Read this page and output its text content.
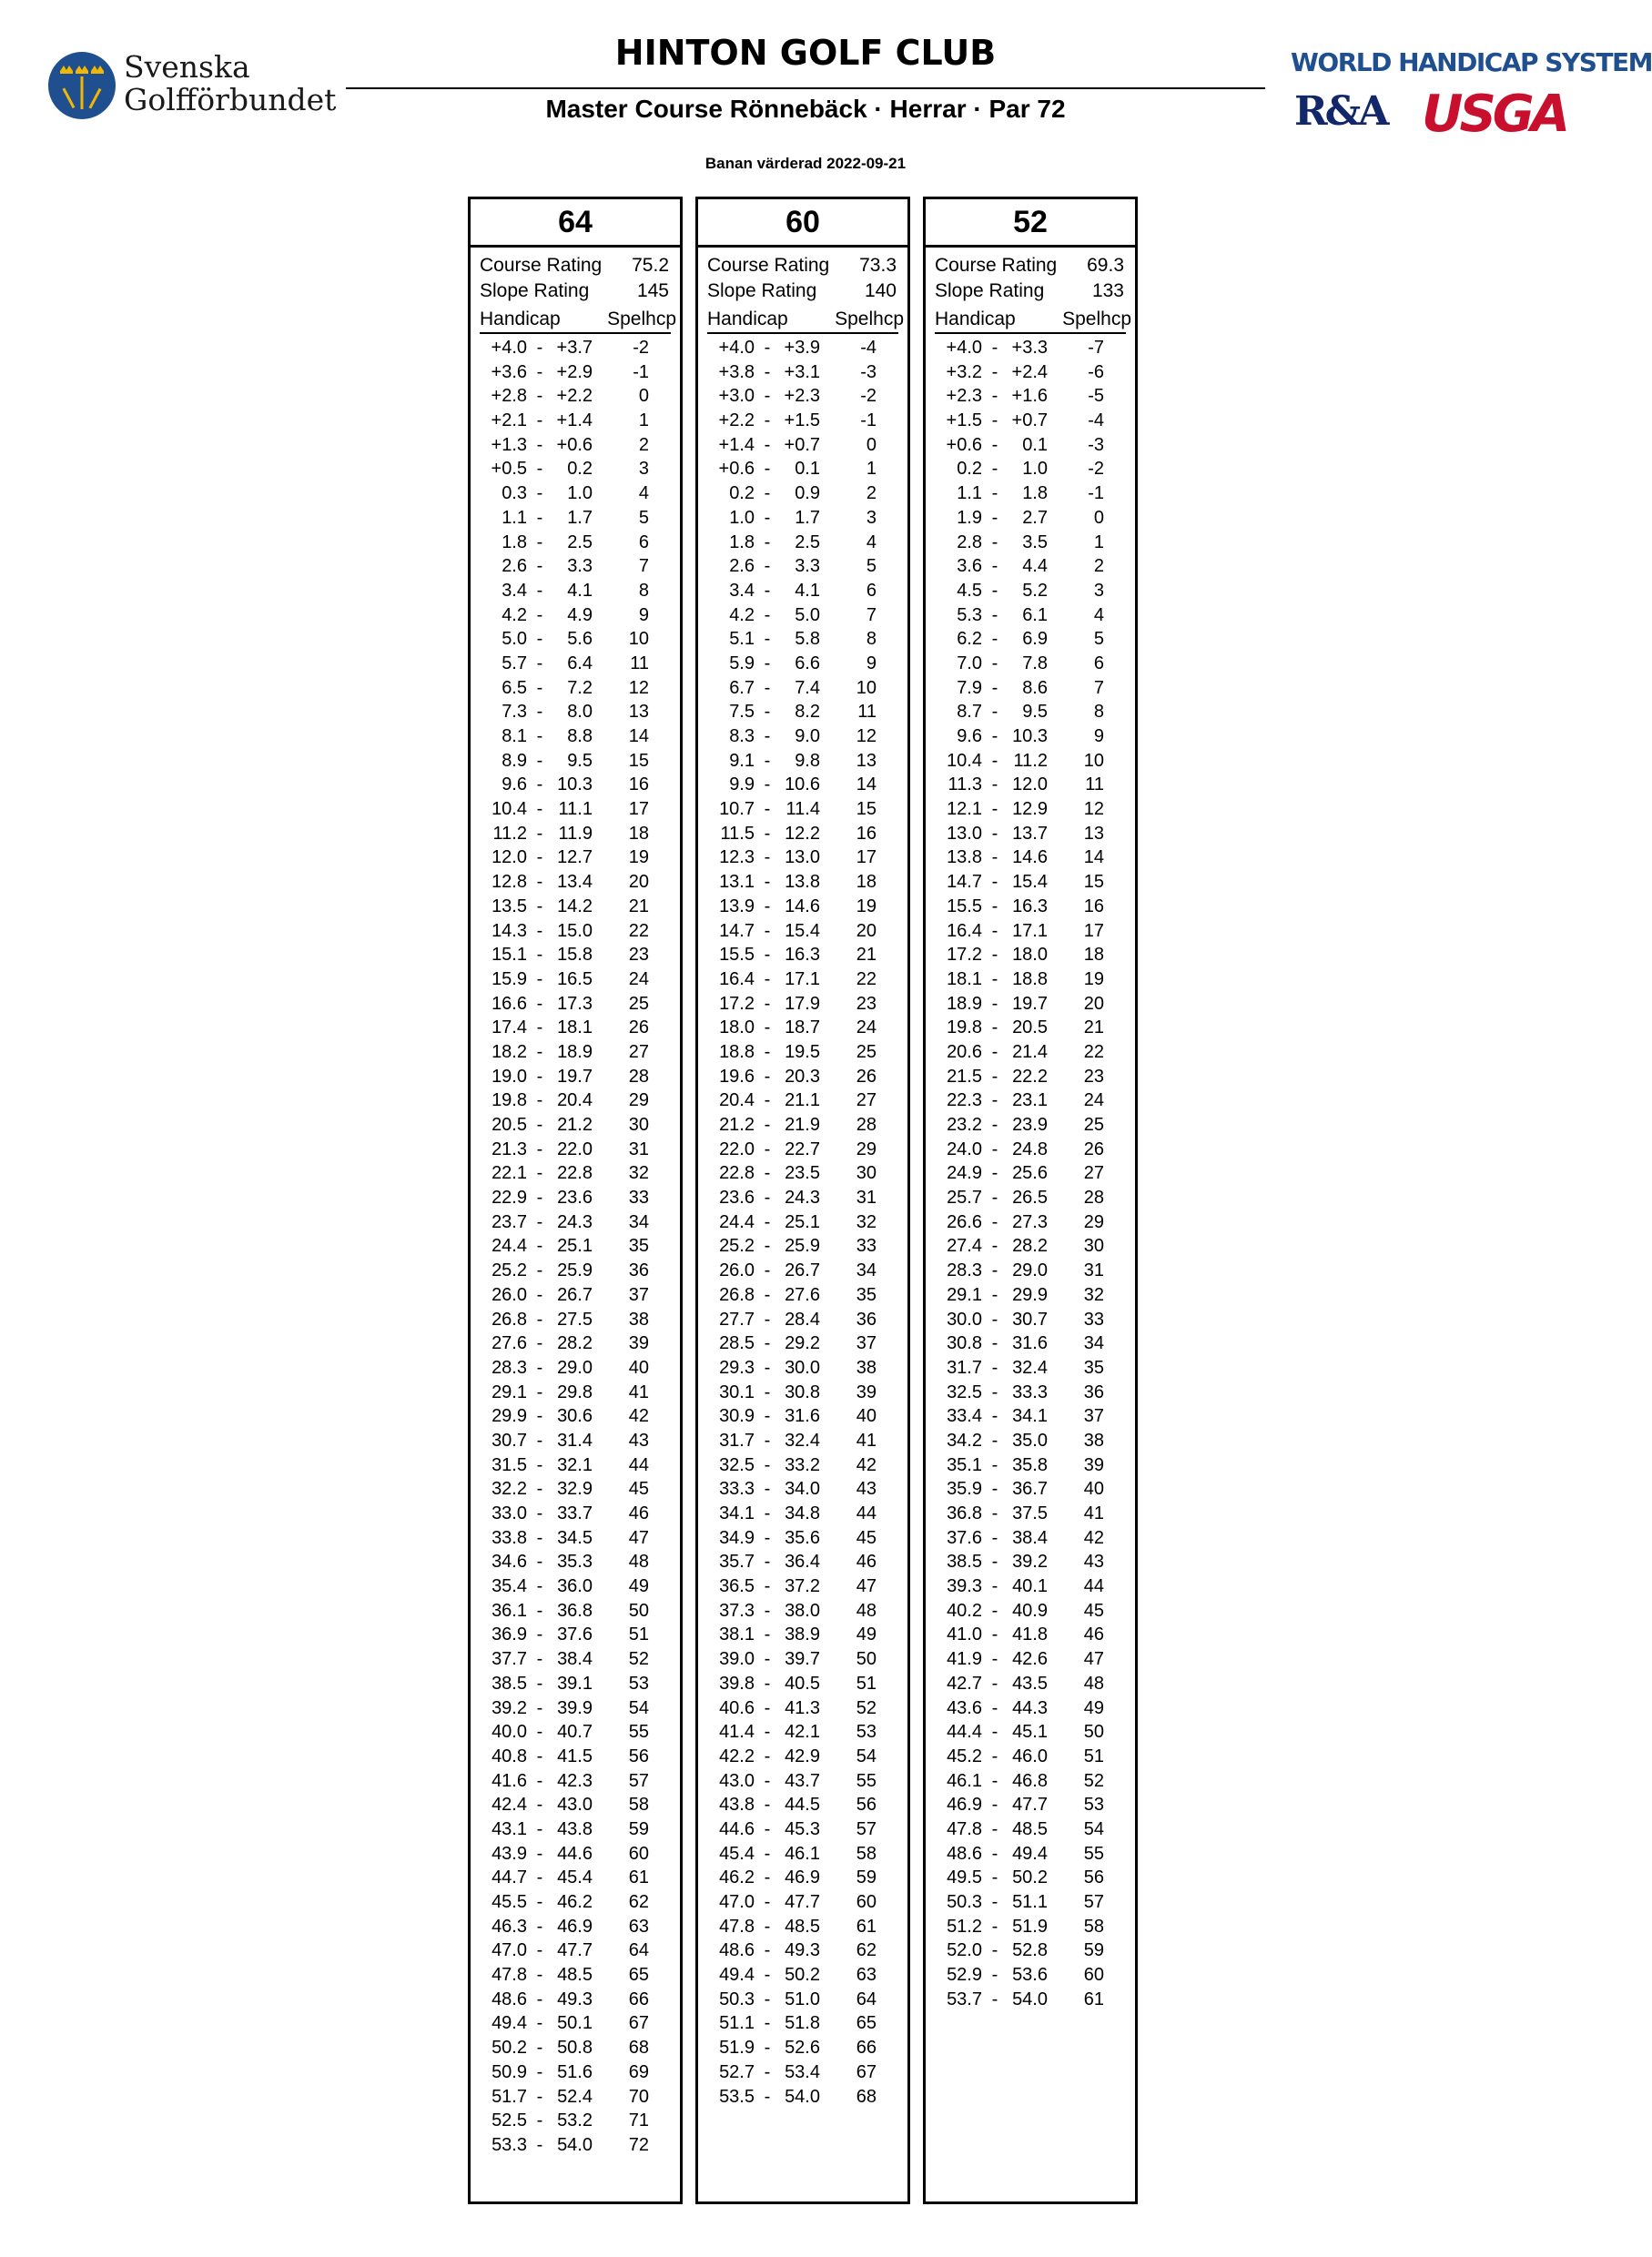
Svenska
Golfförbundet
HINTON GOLF CLUB
Master Course Rönnebäck · Herrar · Par 72
Banan värderad 2022-09-21
WORLD HANDICAP SYSTEM
R&A USGA
64
Course Rating 75.2
Slope Rating	145
Handicap Spelhcp
+4.0 - +3.7	-2
+3.6 - +2.9	-1
+2.8 - +2.2	0
+2.1 - +1.4	1
+1.3 - +0.6	2
+0.5 -	0.2	3
0.3 -	1.0	4
1.1 -	1.7	5
1.8 -	2.5	6
2.6 -	3.3	7
3.4 -	4.1	8
4.2 -	4.9	9
5.0 -	5.6	10
5.7 -	6.4	11
6.5 -	7.2	12
7.3 -	8.0	13
8.1 -	8.8	14
8.9 -	9.5	15
9.6 - 10.3	16
10.4 - 11.1	17
11.2 - 11.9	18
12.0 - 12.7	19
12.8 - 13.4	20
13.5 - 14.2	21
14.3 - 15.0	22
15.1 - 15.8	23
15.9 - 16.5	24
16.6 - 17.3	25
17.4 - 18.1	26
18.2 - 18.9	27
19.0 - 19.7	28
19.8 - 20.4	29
20.5 - 21.2	30
21.3 - 22.0	31
22.1 - 22.8	32
22.9 - 23.6	33
23.7 - 24.3	34
24.4 - 25.1	35
25.2 - 25.9	36
26.0 - 26.7	37
26.8 - 27.5	38
27.6 - 28.2	39
28.3 - 29.0	40
29.1 - 29.8	41
29.9 - 30.6	42
30.7 - 31.4	43
31.5 - 32.1	44
32.2 - 32.9	45
33.0 - 33.7	46
33.8 - 34.5	47
34.6 - 35.3	48
35.4 - 36.0	49
36.1 - 36.8	50
36.9 - 37.6	51
37.7 - 38.4	52
38.5 - 39.1	53
39.2 - 39.9	54
40.0 - 40.7	55
40.8 - 41.5	56
41.6 - 42.3	57
42.4 - 43.0	58
43.1 - 43.8	59
43.9 - 44.6	60
44.7 - 45.4	61
45.5 - 46.2	62
46.3 - 46.9	63
47.0 - 47.7	64
47.8 - 48.5	65
48.6 - 49.3	66
49.4 - 50.1	67
50.2 - 50.8	68
50.9 - 51.6	69
51.7 - 52.4	70
52.5 - 53.2	71
53.3 - 54.0	72
60
Course Rating 73.3
Slope Rating	140
Handicap Spelhcp
+4.0 - +3.9	-4
+3.8 - +3.1	-3
+3.0 - +2.3	-2
+2.2 - +1.5	-1
+1.4 - +0.7	0
+0.6 -	0.1	1
0.2 -	0.9	2
1.0 -	1.7	3
1.8 -	2.5	4
2.6 -	3.3	5
3.4 -	4.1	6
4.2 -	5.0	7
5.1 -	5.8	8
5.9 -	6.6	9
6.7 -	7.4	10
7.5 -	8.2	11
8.3 -	9.0	12
9.1 -	9.8	13
9.9 - 10.6	14
10.7 - 11.4	15
11.5 - 12.2	16
12.3 - 13.0	17
13.1 - 13.8	18
13.9 - 14.6	19
14.7 - 15.4	20
15.5 - 16.3	21
16.4 - 17.1	22
17.2 - 17.9	23
18.0 - 18.7	24
18.8 - 19.5	25
19.6 - 20.3	26
20.4 - 21.1	27
21.2 - 21.9	28
22.0 - 22.7	29
22.8 - 23.5	30
23.6 - 24.3	31
24.4 - 25.1	32
25.2 - 25.9	33
26.0 - 26.7	34
26.8 - 27.6	35
27.7 - 28.4	36
28.5 - 29.2	37
29.3 - 30.0	38
30.1 - 30.8	39
30.9 - 31.6	40
31.7 - 32.4	41
32.5 - 33.2	42
33.3 - 34.0	43
34.1 - 34.8	44
34.9 - 35.6	45
35.7 - 36.4	46
36.5 - 37.2	47
37.3 - 38.0	48
38.1 - 38.9	49
39.0 - 39.7	50
39.8 - 40.5	51
40.6 - 41.3	52
41.4 - 42.1	53
42.2 - 42.9	54
43.0 - 43.7	55
43.8 - 44.5	56
44.6 - 45.3	57
45.4 - 46.1	58
46.2 - 46.9	59
47.0 - 47.7	60
47.8 - 48.5	61
48.6 - 49.3	62
49.4 - 50.2	63
50.3 - 51.0	64
51.1 - 51.8	65
51.9 - 52.6	66
52.7 - 53.4	67
53.5 - 54.0	68
52
Course Rating 69.3
Slope Rating	133
Handicap Spelhcp
+4.0 - +3.3	-7
+3.2 - +2.4	-6
+2.3 - +1.6	-5
+1.5 - +0.7	-4
+0.6 -	0.1	-3
0.2 -	1.0	-2
1.1 -	1.8	-1
1.9 -	2.7	0
2.8 -	3.5	1
3.6 -	4.4	2
4.5 -	5.2	3
5.3 -	6.1	4
6.2 -	6.9	5
7.0 -	7.8	6
7.9 -	8.6	7
8.7 -	9.5	8
9.6 - 10.3	9
10.4 - 11.2	10
11.3 - 12.0	11
12.1 - 12.9	12
13.0 - 13.7	13
13.8 - 14.6	14
14.7 - 15.4	15
15.5 - 16.3	16
16.4 - 17.1	17
17.2 - 18.0	18
18.1 - 18.8	19
18.9 - 19.7	20
19.8 - 20.5	21
20.6 - 21.4	22
21.5 - 22.2	23
22.3 - 23.1	24
23.2 - 23.9	25
24.0 - 24.8	26
24.9 - 25.6	27
25.7 - 26.5	28
26.6 - 27.3	29
27.4 - 28.2	30
28.3 - 29.0	31
29.1 - 29.9	32
30.0 - 30.7	33
30.8 - 31.6	34
31.7 - 32.4	35
32.5 - 33.3	36
33.4 - 34.1	37
34.2 - 35.0	38
35.1 - 35.8	39
35.9 - 36.7	40
36.8 - 37.5	41
37.6 - 38.4	42
38.5 - 39.2	43
39.3 - 40.1	44
40.2 - 40.9	45
41.0 - 41.8	46
41.9 - 42.6	47
42.7 - 43.5	48
43.6 - 44.3	49
44.4 - 45.1	50
45.2 - 46.0	51
46.1 - 46.8	52
46.9 - 47.7	53
47.8 - 48.5	54
48.6 - 49.4	55
49.5 - 50.2	56
50.3 - 51.1	57
51.2 - 51.9	58
52.0 - 52.8	59
52.9 - 53.6	60
53.7 - 54.0	61
